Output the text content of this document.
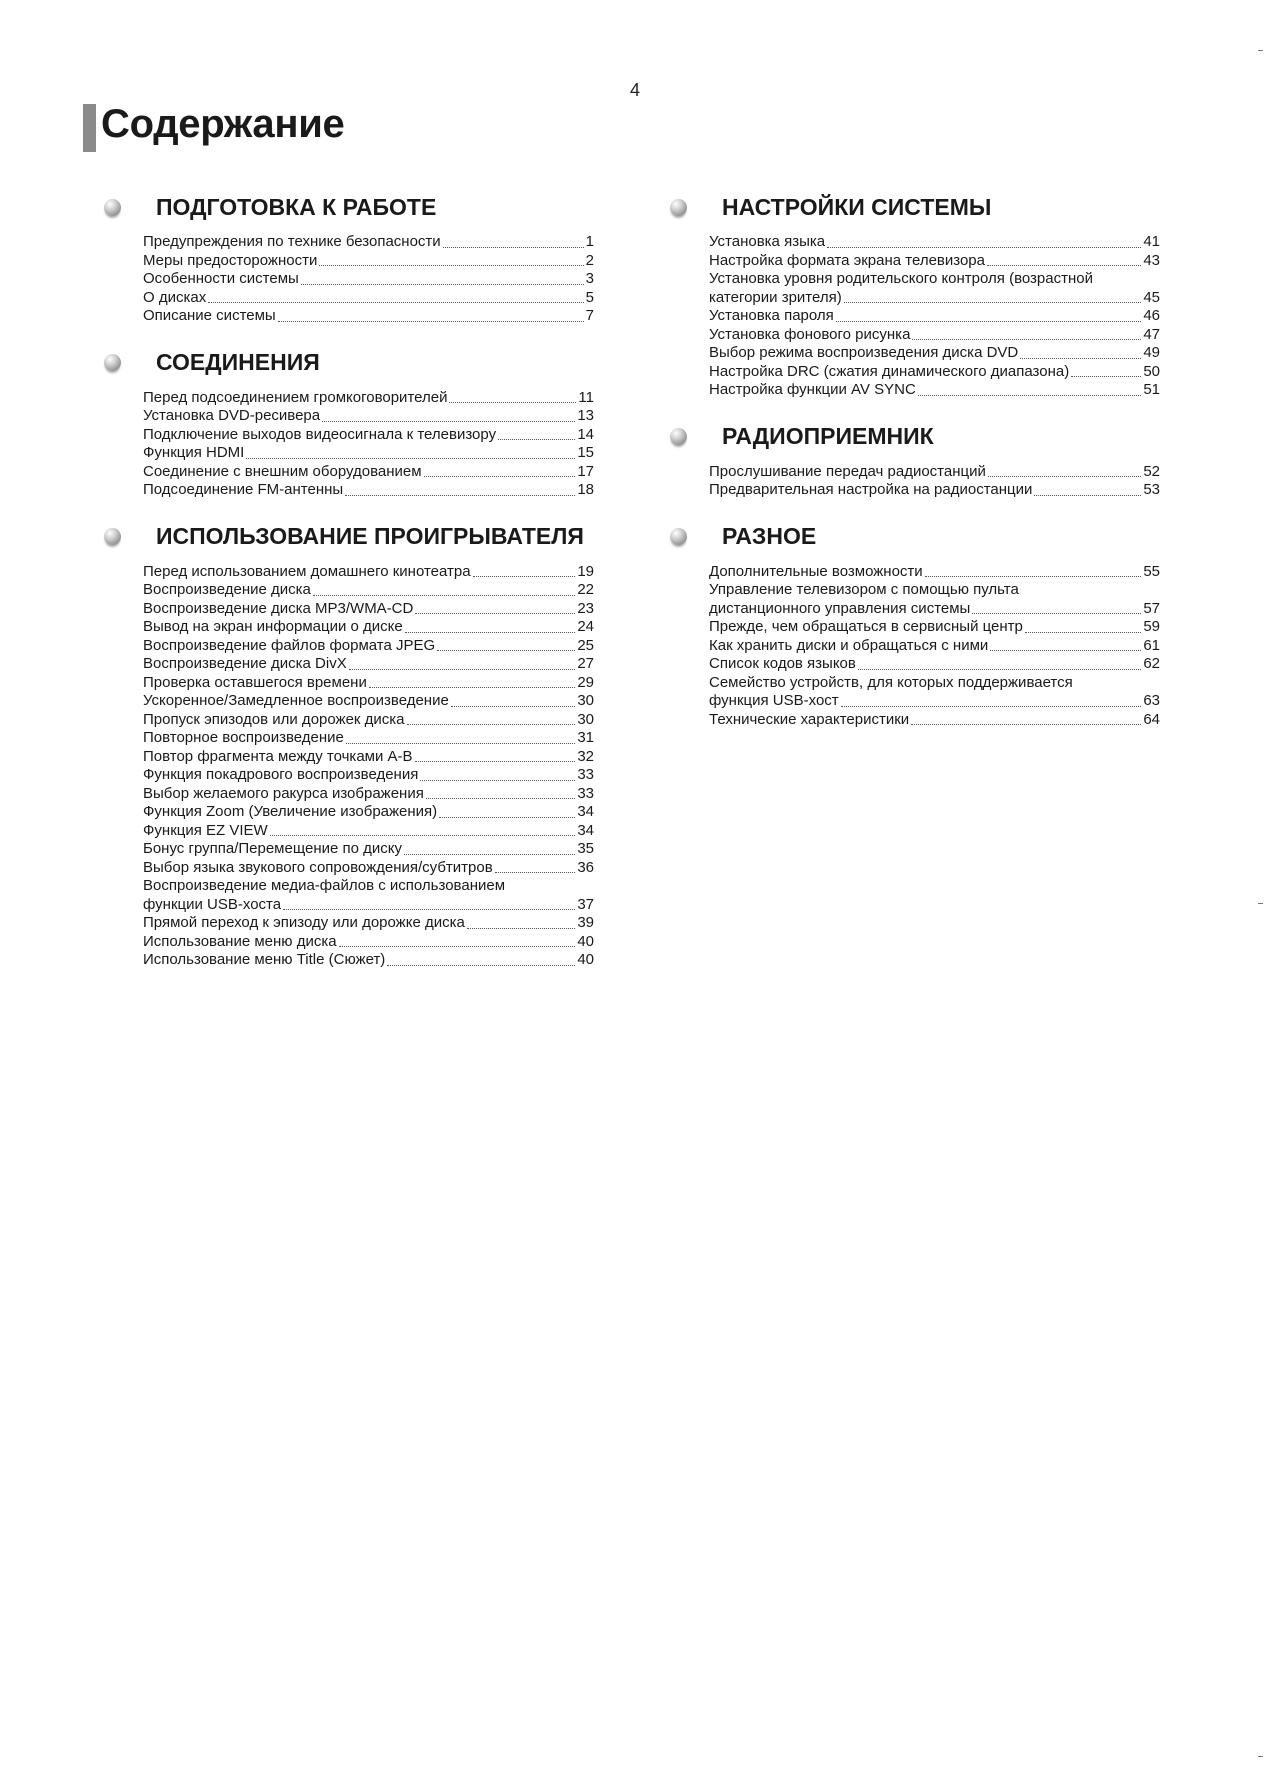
4
Содержание
ПОДГОТОВКА К РАБОТЕ
Предупреждения по технике безопасности	1
Меры предосторожности	2
Особенности системы	3
О дисках	5
Описание системы	7
СОЕДИНЕНИЯ
Перед подсоединением громкоговорителей	11
Установка DVD-ресивера	13
Подключение выходов видеосигнала к телевизору	14
Функция HDMI	15
Соединение с внешним оборудованием	17
Подсоединение FM-антенны	18
ИСПОЛЬЗОВАНИЕ ПРОИГРЫВАТЕЛЯ
Перед использованием домашнего кинотеатра	19
Воспроизведение диска	22
Воспроизведение диска MP3/WMA-CD	23
Вывод на экран информации о диске	24
Воспроизведение файлов формата JPEG	25
Воспроизведение диска DivX	27
Проверка оставшегося времени	29
Ускоренное/Замедленное воспроизведение	30
Пропуск эпизодов или дорожек диска	30
Повторное воспроизведение	31
Повтор фрагмента между точками A-B	32
Функция покадрового воспроизведения	33
Выбор желаемого ракурса изображения	33
Функция Zoom (Увеличение изображения)	34
Функция EZ VIEW	34
Бонус группа/Перемещение по диску	35
Выбор языка звукового сопровождения/субтитров	36
Воспроизведение медиа-файлов с использованием
функции USB-хоста	37
Прямой переход к эпизоду или дорожке диска	39
Использование меню диска	40
Использование меню Title (Сюжет)	40
НАСТРОЙКИ СИСТЕМЫ
Установка языка	41
Настройка формата экрана телевизора	43
Установка уровня родительского контроля (возрастной
категории зрителя)	45
Установка пароля	46
Установка фонового рисунка	47
Выбор режима воспроизведения диска DVD	49
Настройка DRC (сжатия динамического диапазона)	50
Настройка функции AV SYNC	51
РАДИОПРИЕМНИК
Прослушивание передач радиостанций	52
Предварительная настройка на радиостанции	53
РАЗНОЕ
Дополнительные возможности	55
Управление телевизором с помощью пульта
дистанционного управления системы	57
Прежде, чем обращаться в сервисный центр	59
Как хранить диски и обращаться с ними	61
Список кодов языков	62
Семейство устройств, для которых поддерживается
функция USB-хост	63
Технические характеристики	64
